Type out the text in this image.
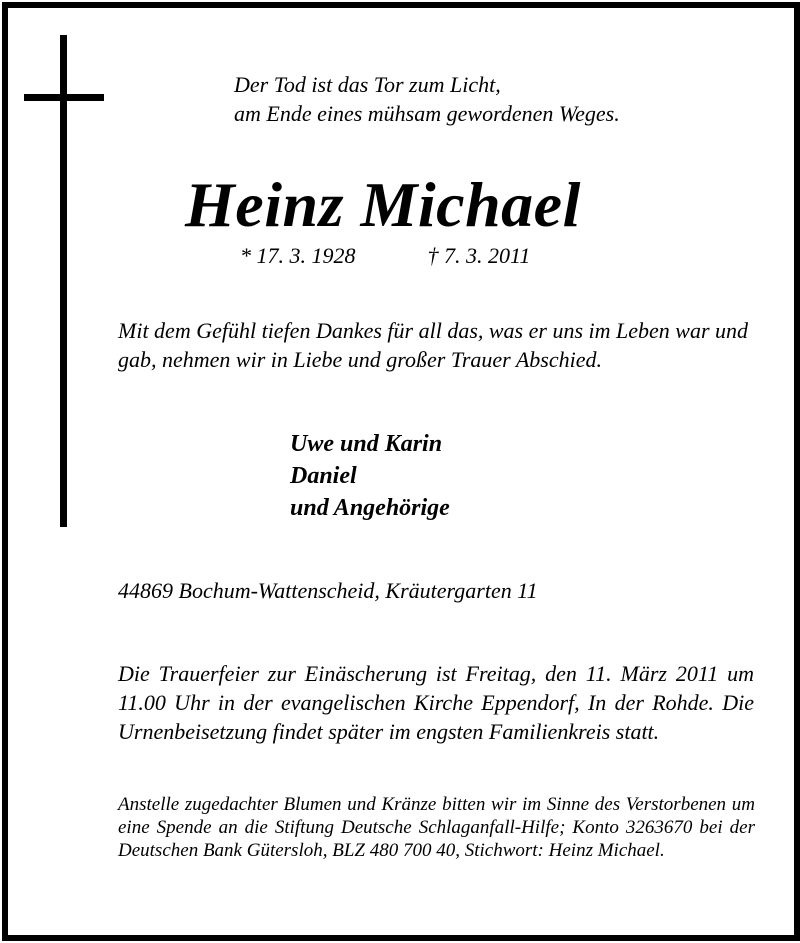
Der Tod ist das Tor zum Licht,
am Ende eines mühsam gewordenen Weges.
Heinz Michael
* 17. 3. 1928	† 7. 3. 2011

Mit dem Gefühl tiefen Dankes für all das, was er uns im Leben war und gab, nehmen wir in Liebe und großer Trauer Abschied.

Uwe und Karin
Daniel
und Angehörige
44869 Bochum-Wattenscheid, Kräutergarten 11

Die Trauerfeier zur Einäscherung ist Freitag, den 11. März 2011 um 11.00 Uhr in der evangelischen Kirche Eppendorf, In der Rohde. Die Urnenbeisetzung findet später im engsten Familienkreis statt.

Anstelle zugedachter Blumen und Kränze bitten wir im Sinne des Verstorbenen um eine Spende an die Stiftung Deutsche Schlaganfall-Hilfe; Konto 3263670 bei der Deutschen Bank Gütersloh, BLZ 480 700 40, Stichwort: Heinz Michael.
